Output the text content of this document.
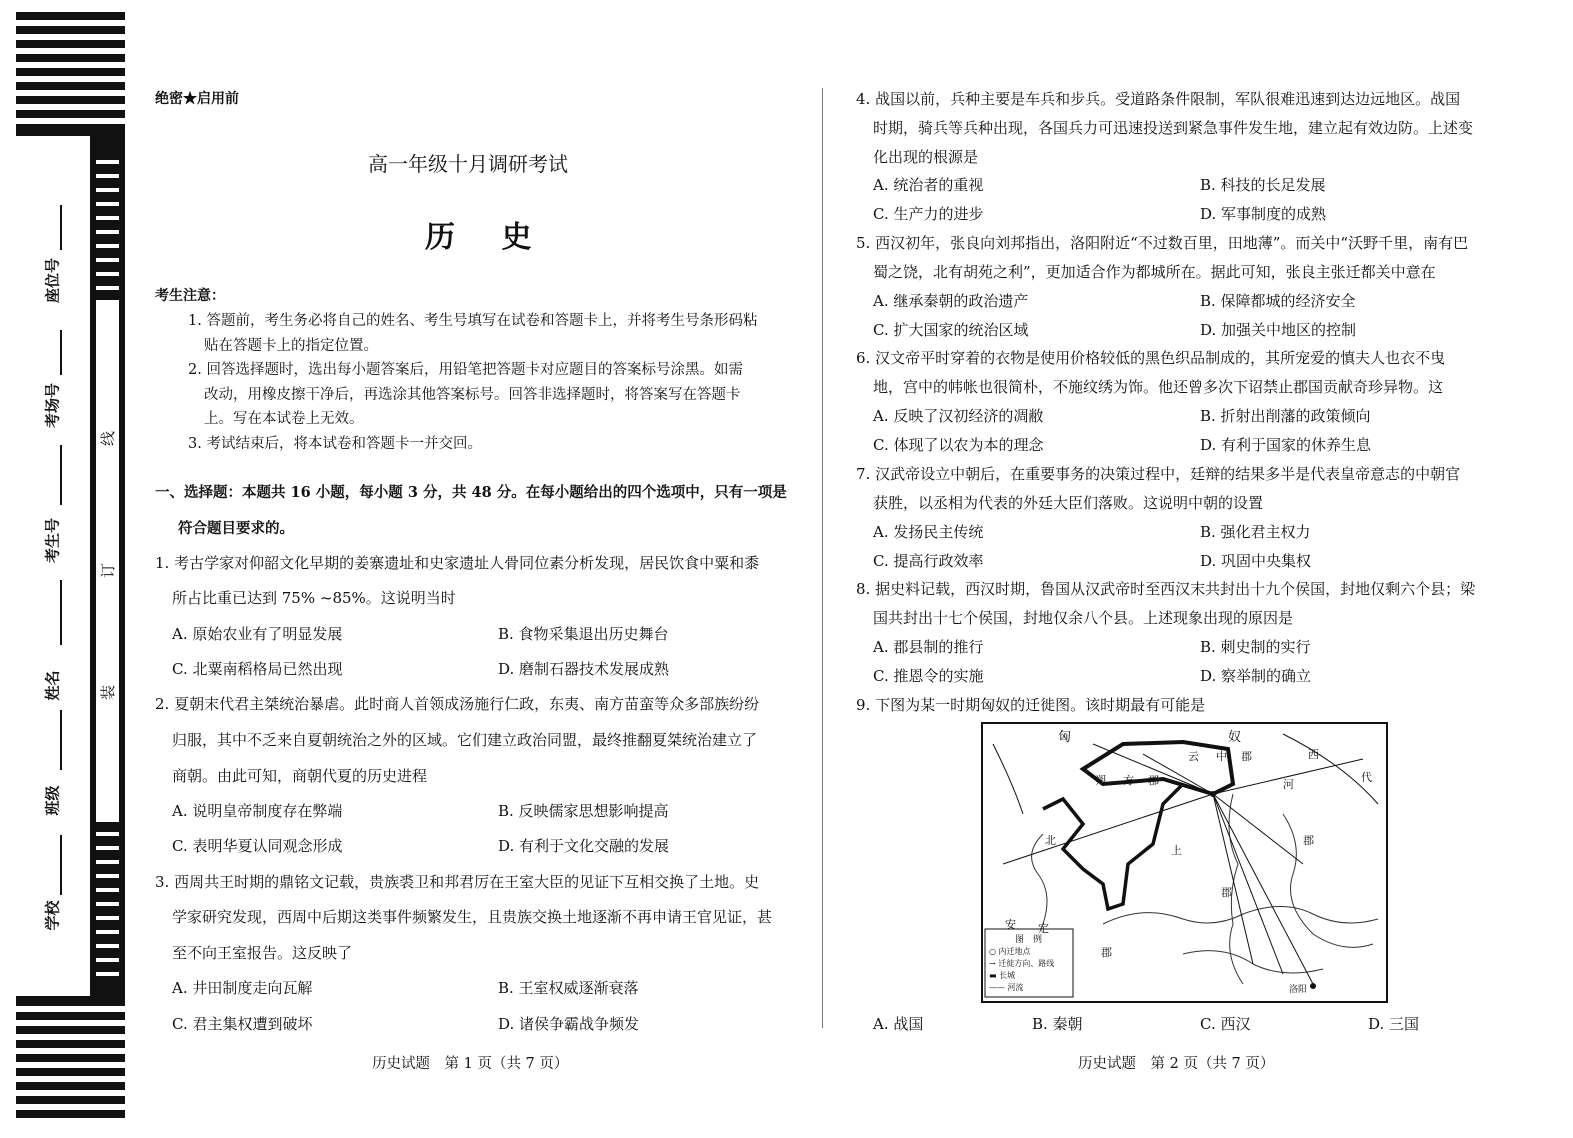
座位号
考场号
考生号
姓名
班级
学校
线
订
装
绝密★启用前
高一年级十月调研考试
历 史
考生注意：
1. 答题前，考生务必将自己的姓名、考生号填写在试卷和答题卡上，并将考生号条形码粘
贴在答题卡上的指定位置。
2. 回答选择题时，选出每小题答案后，用铅笔把答题卡对应题目的答案标号涂黑。如需
改动，用橡皮擦干净后，再选涂其他答案标号。回答非选择题时，将答案写在答题卡
上。写在本试卷上无效。
3. 考试结束后，将本试卷和答题卡一并交回。
一、选择题：本题共 16 小题，每小题 3 分，共 48 分。在每小题给出的四个选项中，只有一项是
符合题目要求的。
1. 考古学家对仰韶文化早期的姜寨遗址和史家遗址人骨同位素分析发现，居民饮食中粟和黍
所占比重已达到 75% ~85%。这说明当时
A. 原始农业有了明显发展	B. 食物采集退出历史舞台
C. 北粟南稻格局已然出现	D. 磨制石器技术发展成熟
2. 夏朝末代君主桀统治暴虐。此时商人首领成汤施行仁政，东夷、南方苗蛮等众多部族纷纷
归服，其中不乏来自夏朝统治之外的区域。它们建立政治同盟，最终推翻夏桀统治建立了
商朝。由此可知，商朝代夏的历史进程
A. 说明皇帝制度存在弊端	B. 反映儒家思想影响提高
C. 表明华夏认同观念形成	D. 有利于文化交融的发展
3. 西周共王时期的鼎铭文记载，贵族裘卫和邦君厉在王室大臣的见证下互相交换了土地。史
学家研究发现，西周中后期这类事件频繁发生，且贵族交换土地逐渐不再申请王官见证，甚
至不向王室报告。这反映了
A. 井田制度走向瓦解	B. 王室权威逐渐衰落
C. 君主集权遭到破坏	D. 诸侯争霸战争频发
历史试题　第 1 页（共 7 页）
4. 战国以前，兵种主要是车兵和步兵。受道路条件限制，军队很难迅速到达边远地区。战国
时期，骑兵等兵种出现，各国兵力可迅速投送到紧急事件发生地，建立起有效边防。上述变
化出现的根源是
A. 统治者的重视	B. 科技的长足发展
C. 生产力的进步	D. 军事制度的成熟
5. 西汉初年，张良向刘邦指出，洛阳附近“不过数百里，田地薄”。而关中“沃野千里，南有巴
蜀之饶，北有胡苑之利”，更加适合作为都城所在。据此可知，张良主张迁都关中意在
A. 继承秦朝的政治遗产	B. 保障都城的经济安全
C. 扩大国家的统治区域	D. 加强关中地区的控制
6. 汉文帝平时穿着的衣物是使用价格较低的黑色织品制成的，其所宠爱的慎夫人也衣不曳
地，宫中的帏帐也很简朴，不施纹绣为饰。他还曾多次下诏禁止郡国贡献奇珍异物。这
A. 反映了汉初经济的凋敝	B. 折射出削藩的政策倾向
C. 体现了以农为本的理念	D. 有利于国家的休养生息
7. 汉武帝设立中朝后，在重要事务的决策过程中，廷辩的结果多半是代表皇帝意志的中朝官
获胜，以丞相为代表的外廷大臣们落败。这说明中朝的设置
A. 发扬民主传统	B. 强化君主权力
C. 提高行政效率	D. 巩固中央集权
8. 据史料记载，西汉时期，鲁国从汉武帝时至西汉末共封出十九个侯国，封地仅剩六个县；梁
国共封出十七个侯国，封地仅余八个县。上述现象出现的原因是
A. 郡县制的推行	B. 刺史制的实行
C. 推恩令的实施	D. 察举制的确立
9. 下图为某一时期匈奴的迁徙图。该时期最有可能是
匈	奴
云 中 郡	西
河
代
朔 方 郡
北
上
郡
安 定
郡
郡
洛阳
图　例
○ 内迁地点
→ 迁徙方向、路线
▬ 长城
—— 河流
A. 战国	B. 秦朝	C. 西汉	D. 三国
历史试题　第 2 页（共 7 页）
